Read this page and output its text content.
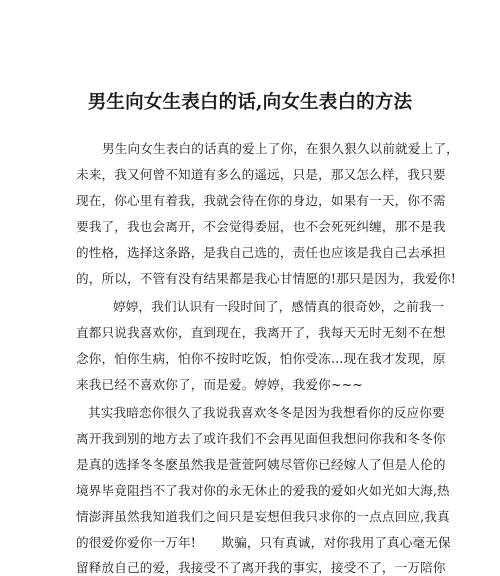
男生向女生表白的话,向女生表白的方法
男生向女生表白的话真的爱上了你，在狠久狠久以前就爱上了，
未来，我又何曾不知道有多么的遥远，只是，那又怎么样，我只要
现在，你心里有着我，我就会待在你的身边，如果有一天，你不需
要我了，我也会离开，不会觉得委屈，也不会死死纠缠，那不是我
的性格，选择这条路，是我自己选的，责任也应该是我自己去承担
的，所以，不管有没有结果都是我心甘情愿的!那只是因为，我爱你!
婷婷，我们认识有一段时间了，感情真的很奇妙，之前我一
直都只说我喜欢你，直到现在，我离开了，我每天无时无刻不在想
念你，怕你生病，怕你不按时吃饭，怕你受冻…现在我才发现，原
来我已经不喜欢你了，而是爱。婷婷，我爱你~~~
其实我暗恋你很久了我说我喜欢冬冬是因为我想看你的反应你要
离开我到别的地方去了或许我们不会再见面但我想问你我和冬冬你
是真的选择冬冬麽虽然我是萱萱阿姨尽管你已经嫁人了但是人伦的
境界毕竟阻挡不了我对你的永无休止的爱我的爱如火如光如大海,热
情澎湃虽然我知道我们之间只是妄想但我只求你的一点点回应,我真
的很爱你爱你一万年!　　欺骗，只有真诚，对你我用了真心毫无保
留释放自己的爱，我接受不了离开我的事实，接受不了，一万陪你
